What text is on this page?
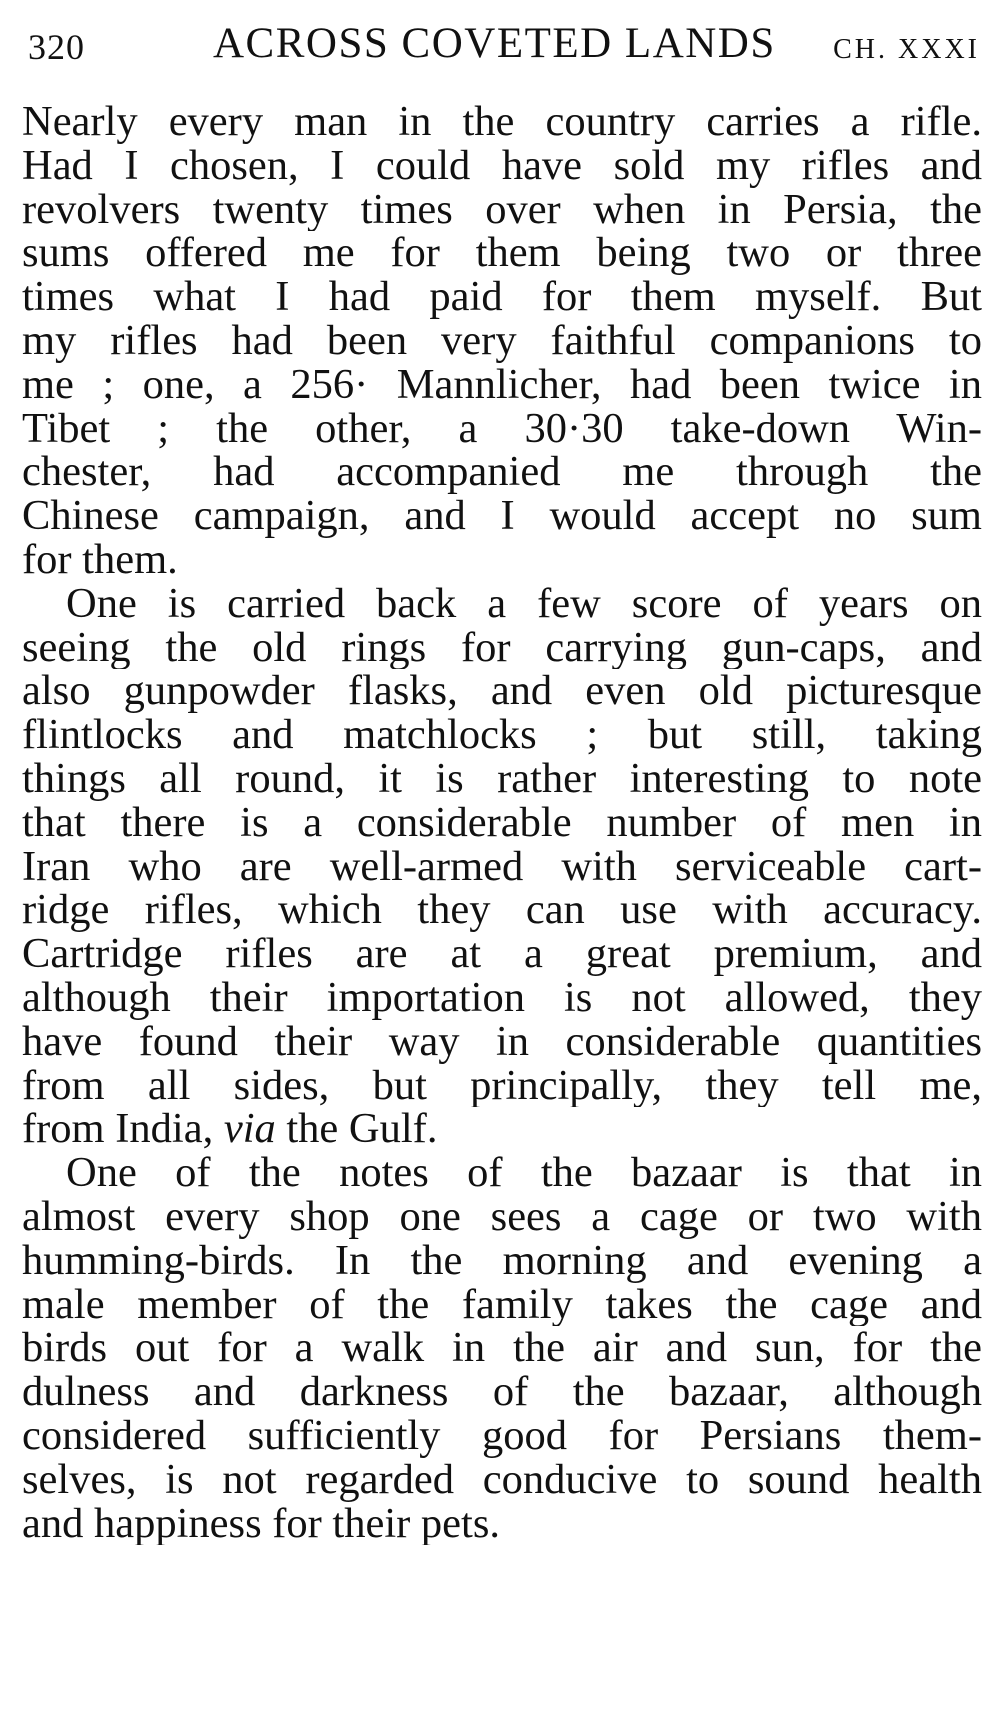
320	ACROSS COVETED LANDS CH. XXXI
Nearly every man in the country carries a rifle.
Had I chosen, I could have sold my rifles and
revolvers twenty times over when in Persia, the
sums offered me for them being two or three
times what I had paid for them myself. But
my rifles had been very faithful companions to
me ; one, a 256· Mannlicher, had been twice in
Tibet ; the other, a 30·30 take-down Win-
chester, had accompanied me through the
Chinese campaign, and I would accept no sum
for them.
One is carried back a few score of years on
seeing the old rings for carrying gun-caps, and
also gunpowder flasks, and even old picturesque
flintlocks and matchlocks ; but still, taking
things all round, it is rather interesting to note
that there is a considerable number of men in
Iran who are well-armed with serviceable cart-
ridge rifles, which they can use with accuracy.
Cartridge rifles are at a great premium, and
although their importation is not allowed, they
have found their way in considerable quantities
from all sides, but principally, they tell me,
from India, via the Gulf.
One of the notes of the bazaar is that in
almost every shop one sees a cage or two with
humming-birds. In the morning and evening a
male member of the family takes the cage and
birds out for a walk in the air and sun, for the
dulness and darkness of the bazaar, although
considered sufficiently good for Persians them-
selves, is not regarded conducive to sound health
and happiness for their pets.
